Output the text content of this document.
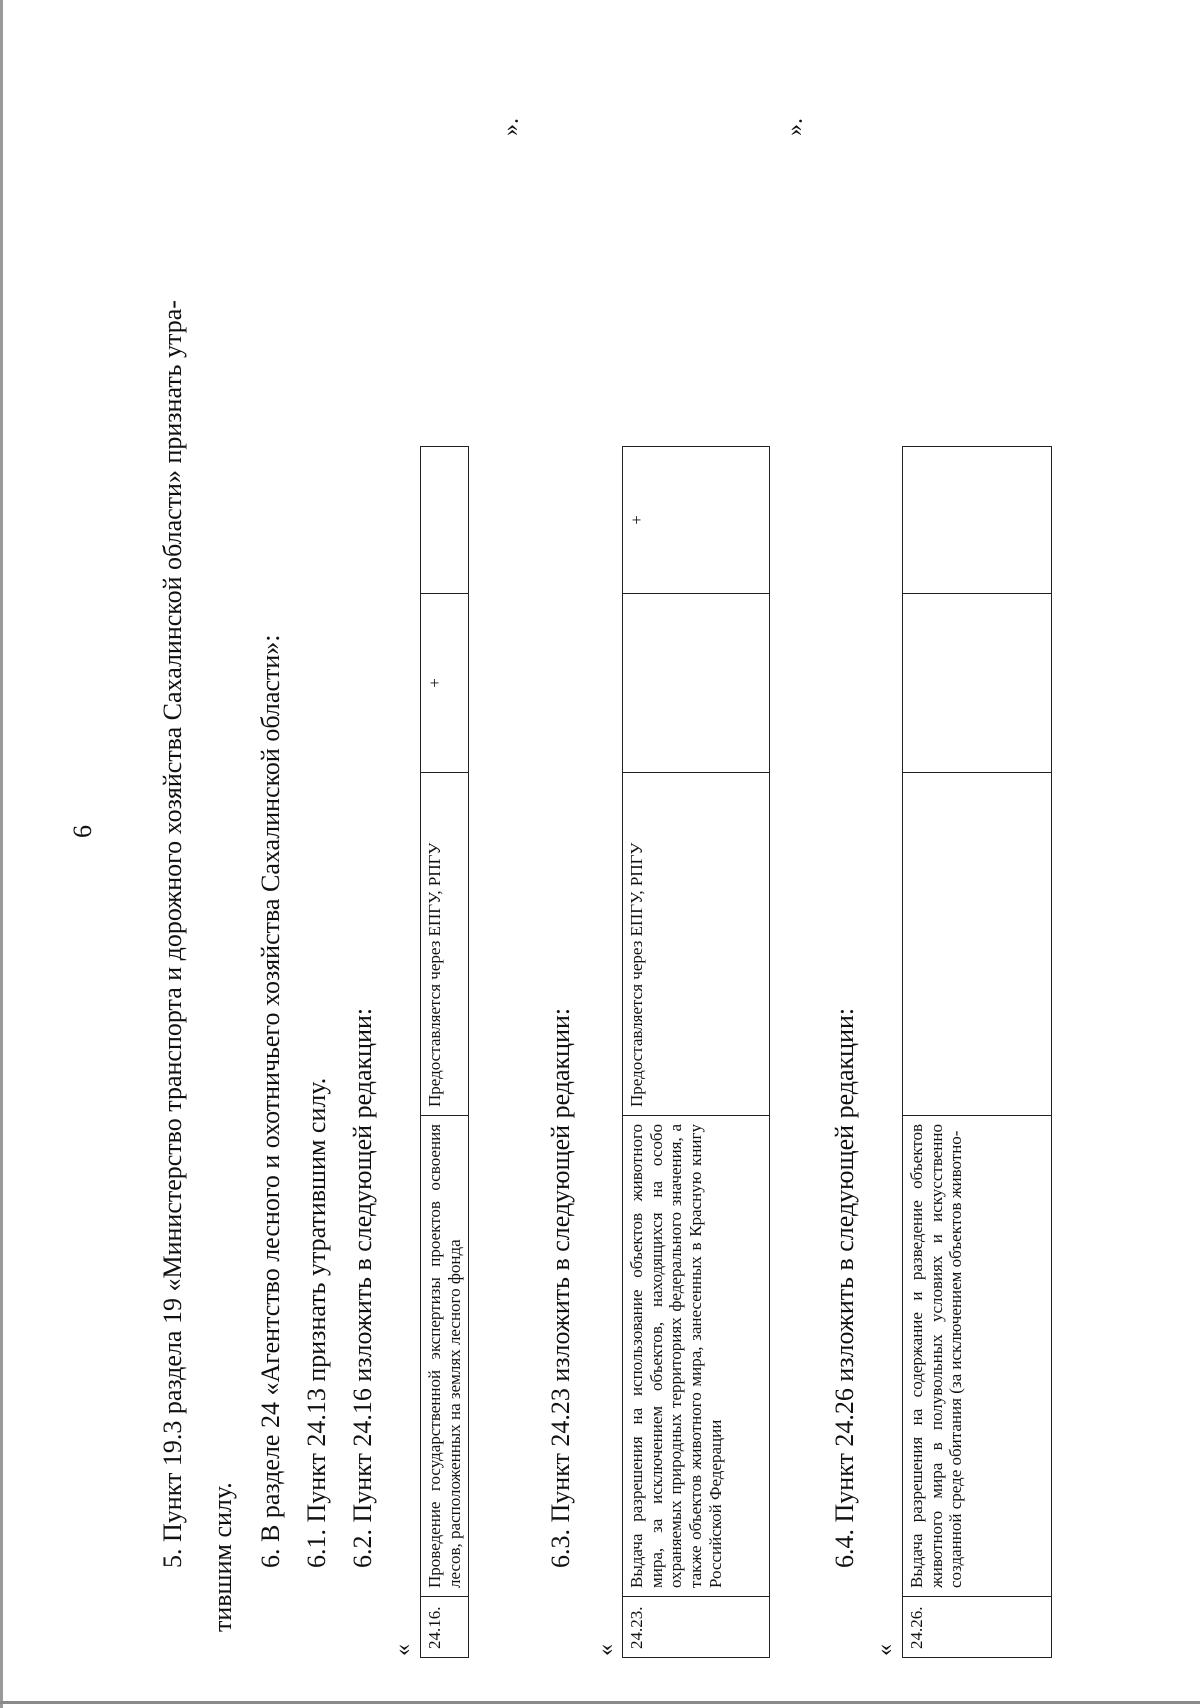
6 5. Пункт 19.3 раздела 19 «Министерство транспорта и дорожного хозяйства Сахалинской области» признать утра- тившим силу. 6. В разделе 24 «Агентство лесного и охотничьего хозяйства Сахалинской области»: 6.1. Пункт 24.13 признать утратившим силу. 6.2. Пункт 24.16 изложить в следующей редакции:
«
24.16.	Проведение государственной экспертизы проектов освоения лесов, расположенных на землях лесного фонда	Предоставляется через ЕПГУ, РПГУ	+	
».
6.3. Пункт 24.23 изложить в следующей редакции:
«
24.23.	Выдача разрешения на использование объектов животного мира, за исключением объектов, находящихся на особо охраняемых природных территориях федерального значения, а также объектов животного мира, занесенных в Красную книгу Российской Федерации	Предоставляется через ЕПГУ, РПГУ		+
».
6.4. Пункт 24.26 изложить в следующей редакции:
«
24.26.	Выдача разрешения на содержание и разведение объектов животного мира в полувольных условиях и искусственно созданной среде обитания (за исключением объектов животно-			
